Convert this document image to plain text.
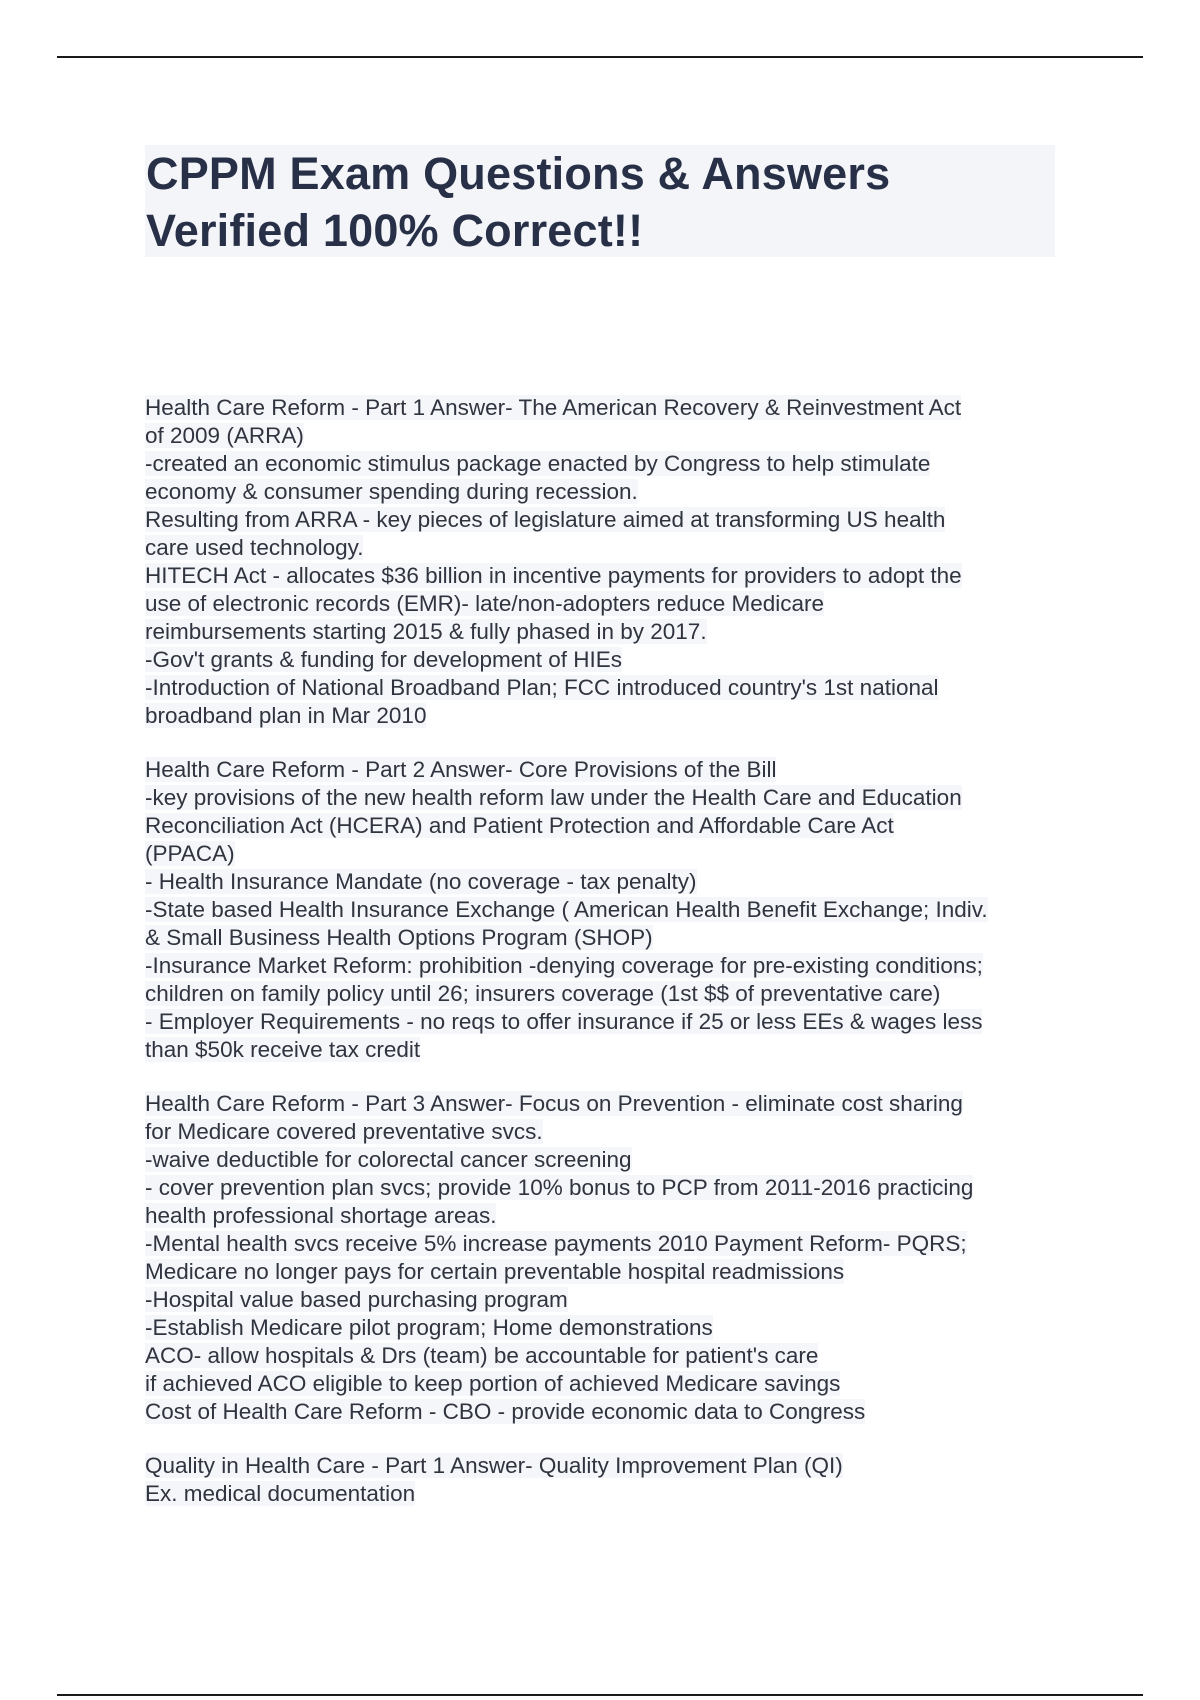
CPPM Exam Questions & Answers
Verified 100% Correct!!
Health Care Reform - Part 1 Answer- The American Recovery & Reinvestment Act
of 2009 (ARRA)
-created an economic stimulus package enacted by Congress to help stimulate
economy & consumer spending during recession.
Resulting from ARRA - key pieces of legislature aimed at transforming US health
care used technology.
HITECH Act - allocates $36 billion in incentive payments for providers to adopt the
use of electronic records (EMR)- late/non-adopters reduce Medicare
reimbursements starting 2015 & fully phased in by 2017.
-Gov't grants & funding for development of HIEs
-Introduction of National Broadband Plan; FCC introduced country's 1st national
broadband plan in Mar 2010
Health Care Reform - Part 2 Answer- Core Provisions of the Bill
-key provisions of the new health reform law under the Health Care and Education
Reconciliation Act (HCERA) and Patient Protection and Affordable Care Act
(PPACA)
- Health Insurance Mandate (no coverage - tax penalty)
-State based Health Insurance Exchange ( American Health Benefit Exchange; Indiv.
& Small Business Health Options Program (SHOP)
-Insurance Market Reform: prohibition -denying coverage for pre-existing conditions;
children on family policy until 26; insurers coverage (1st $$ of preventative care)
- Employer Requirements - no reqs to offer insurance if 25 or less EEs & wages less
than $50k receive tax credit
Health Care Reform - Part 3 Answer- Focus on Prevention - eliminate cost sharing
for Medicare covered preventative svcs.
-waive deductible for colorectal cancer screening
- cover prevention plan svcs; provide 10% bonus to PCP from 2011-2016 practicing
health professional shortage areas.
-Mental health svcs receive 5% increase payments 2010 Payment Reform- PQRS;
Medicare no longer pays for certain preventable hospital readmissions
-Hospital value based purchasing program
-Establish Medicare pilot program; Home demonstrations
ACO- allow hospitals & Drs (team) be accountable for patient's care
if achieved ACO eligible to keep portion of achieved Medicare savings
Cost of Health Care Reform - CBO - provide economic data to Congress
Quality in Health Care - Part 1 Answer- Quality Improvement Plan (QI)
Ex. medical documentation
